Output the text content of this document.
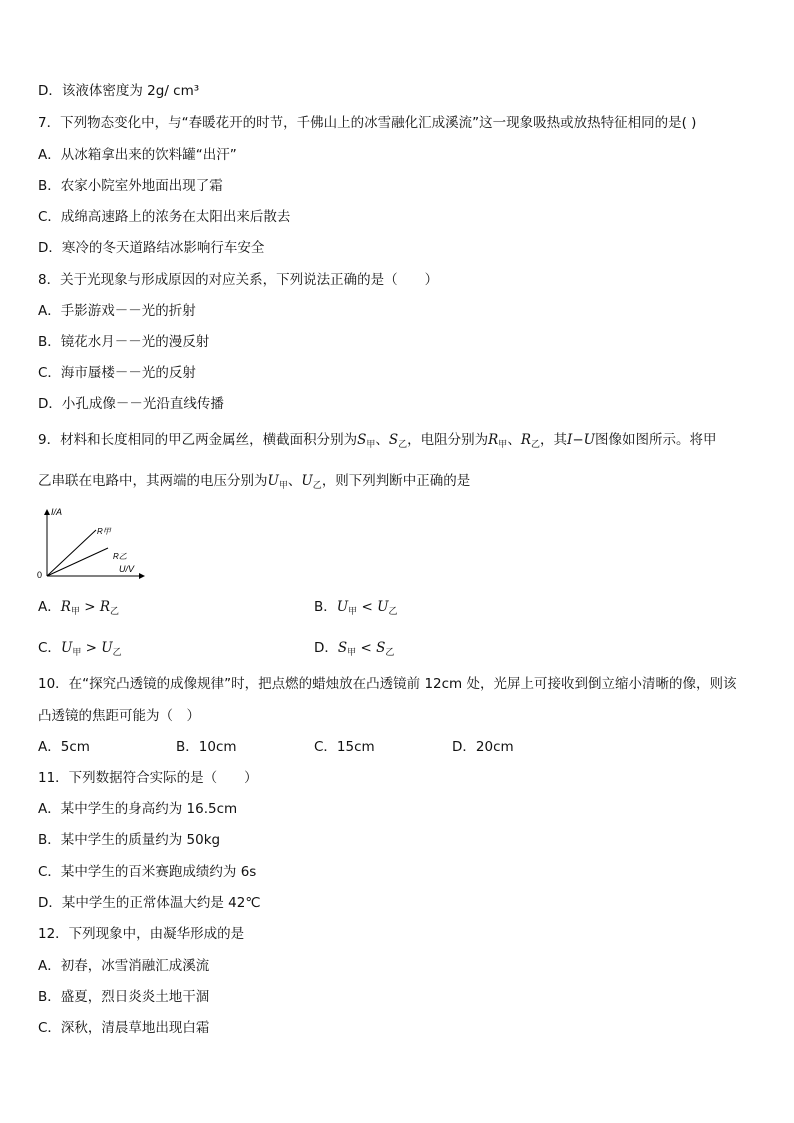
D．该液体密度为 2g/ cm³
7．下列物态变化中，与“春暖花开的时节，千佛山上的冰雪融化汇成溪流”这一现象吸热或放热特征相同的是( )
A．从冰箱拿出来的饮料罐“出汗”
B．农家小院室外地面出现了霜
C．成绵高速路上的浓务在太阳出来后散去
D．寒冷的冬天道路结冰影响行车安全
8．关于光现象与形成原因的对应关系，下列说法正确的是（　　）
A．手影游戏－－光的折射
B．镜花水月－－光的漫反射
C．海市蜃楼－－光的反射
D．小孔成像－－光沿直线传播
9．材料和长度相同的甲乙两金属丝，横截面积分别为$S_甲$、$S_乙$，电阻分别为$R_甲$、$R_乙$，其I−U图像如图所示。将甲
乙串联在电路中，其两端的电压分别为$U_甲$、$U_乙$，则下列判断中正确的是
I/A
U/V
0
R甲
R乙
A．$R_甲 > R_乙$	B．$U_甲 < U_乙$
C．$U_甲 > U_乙$	D．$S_甲 < S_乙$
10．在“探究凸透镜的成像规律”时，把点燃的蜡烛放在凸透镜前 12cm 处，光屏上可接收到倒立缩小清晰的像，则该
凸透镜的焦距可能为（　）
A．5cm	B．10cm	C．15cm	D．20cm
11．下列数据符合实际的是（　　）
A．某中学生的身高约为 16.5cm
B．某中学生的质量约为 50kg
C．某中学生的百米赛跑成绩约为 6s
D．某中学生的正常体温大约是 42℃
12．下列现象中，由凝华形成的是
A．初春，冰雪消融汇成溪流
B．盛夏，烈日炎炎土地干涸
C．深秋，清晨草地出现白霜
